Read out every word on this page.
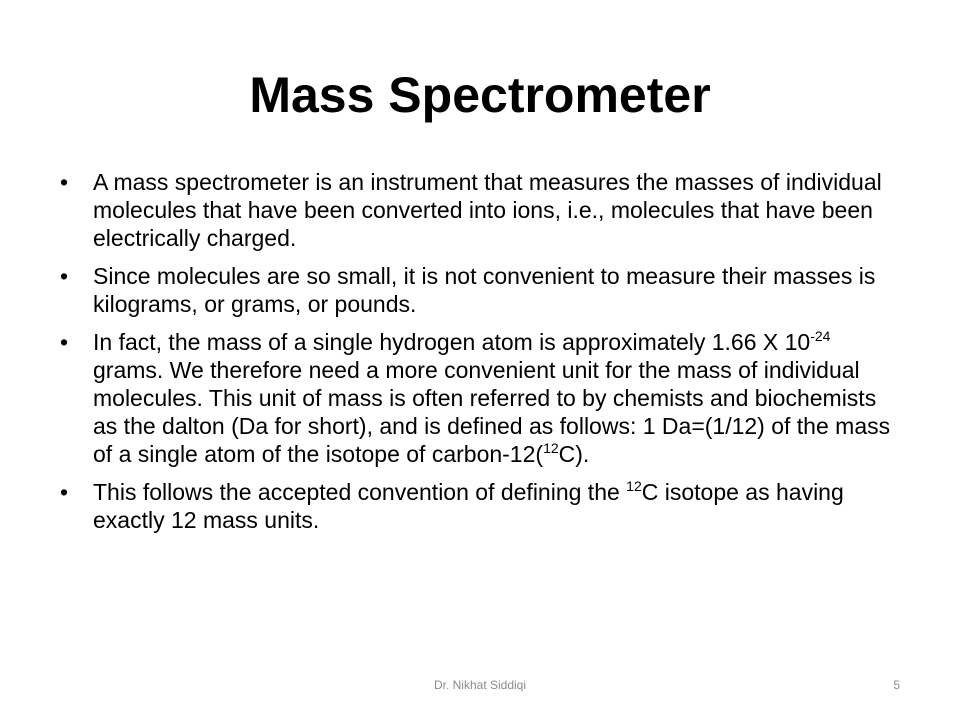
Mass Spectrometer
• A mass spectrometer is an instrument that measures the masses of individual molecules that have been converted into ions, i.e., molecules that have been electrically charged.
• Since molecules are so small, it is not convenient to measure their masses is kilograms, or grams, or pounds.
• In fact, the mass of a single hydrogen atom is approximately 1.66 X $10^{-24}$ grams. We therefore need a more convenient unit for the mass of individual molecules. This unit of mass is often referred to by chemists and biochemists as the dalton (Da for short), and is defined as follows: 1 Da=(1/12) of the mass of a single atom of the isotope of carbon-12($^{12}$C).
• This follows the accepted convention of defining the $^{12}$C isotope as having exactly 12 mass units.
Dr. Nikhat Siddiqi	5
